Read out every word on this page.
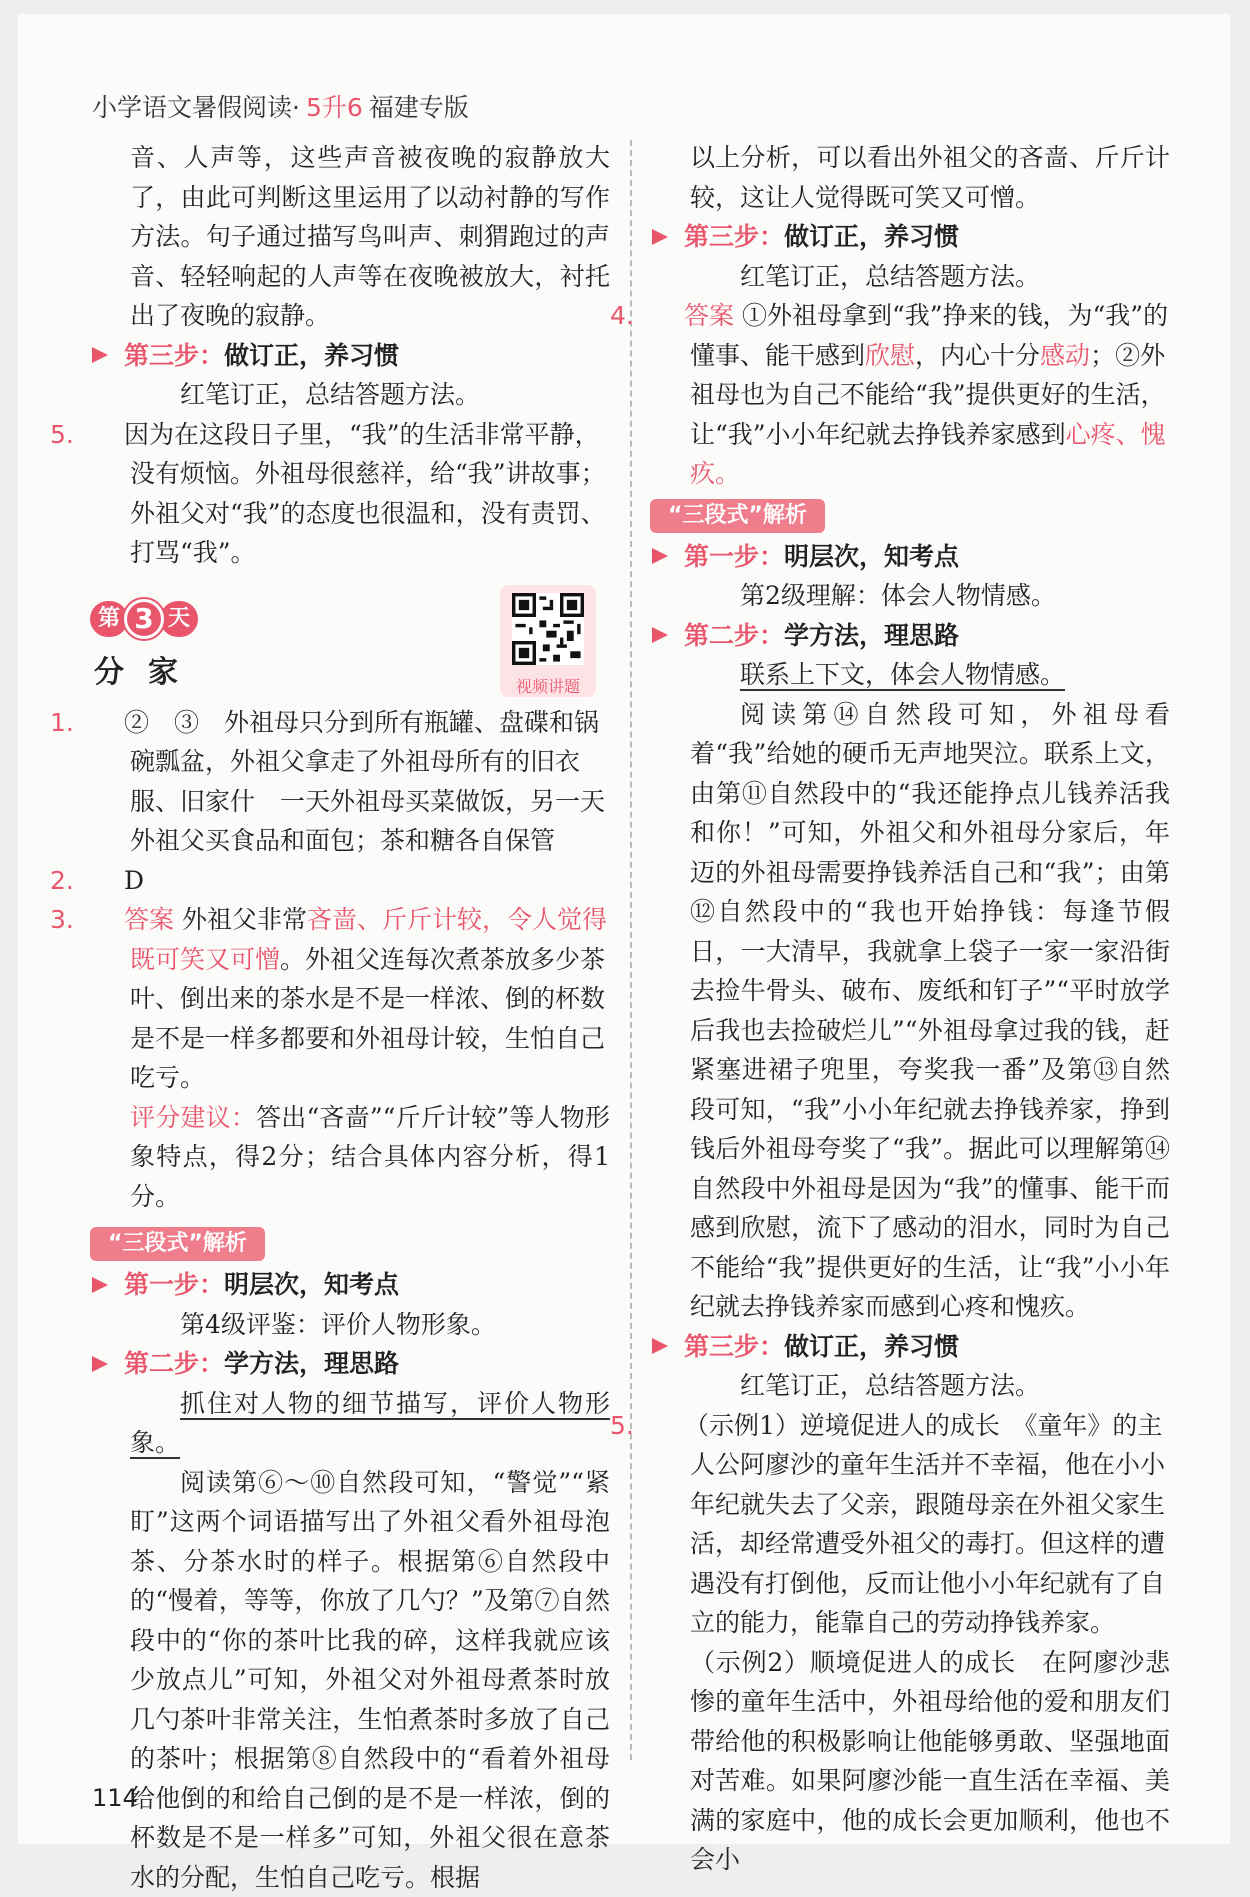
小学语文暑假阅读· 5升6 福建专版

音、人声等，这些声音被夜晚的寂静放大了，由此可判断这里运用了以动衬静的写作方法。句子通过描写鸟叫声、刺猬跑过的声音、轻轻响起的人声等在夜晚被放大，衬托出了夜晚的寂静。

第三步： 做订正，养习惯

红笔订正，总结答题方法。

5. 因为在这段日子里，“我”的生活非常平静，没有烦恼。外祖母很慈祥，给“我”讲故事；外祖父对“我”的态度也很温和，没有责罚、打骂“我”。

第 3 天
分家	视频讲题

1. ②　③　外祖母只分到所有瓶罐、盘碟和锅碗瓢盆，外祖父拿走了外祖母所有的旧衣服、旧家什　一天外祖母买菜做饭，另一天外祖父买食品和面包；茶和糖各自保管

2. D

3. 答案 外祖父非常吝啬、斤斤计较，令人觉得既可笑又可憎。外祖父连每次煮茶放多少茶叶、倒出来的茶水是不是一样浓、倒的杯数是不是一样多都要和外祖母计较，生怕自己吃亏。

评分建议：答出“吝啬”“斤斤计较”等人物形象特点，得2分；结合具体内容分析，得1分。

“三段式”解析
第一步： 明层次，知考点

第4级评鉴：评价人物形象。

第二步： 学方法，理思路

抓住对人物的细节描写，评价人物形象。

阅读第⑥～⑩自然段可知，“警觉”“紧盯”这两个词语描写出了外祖父看外祖母泡茶、分茶水时的样子。根据第⑥自然段中的“慢着，等等，你放了几勺？”及第⑦自然段中的“你的茶叶比我的碎，这样我就应该少放点儿”可知，外祖父对外祖母煮茶时放几勺茶叶非常关注，生怕煮茶时多放了自己的茶叶；根据第⑧自然段中的“看着外祖母给他倒的和给自己倒的是不是一样浓，倒的杯数是不是一样多”可知，外祖父很在意茶水的分配，生怕自己吃亏。根据

以上分析，可以看出外祖父的吝啬、斤斤计较，这让人觉得既可笑又可憎。

第三步： 做订正，养习惯

红笔订正，总结答题方法。

4. 答案 ①外祖母拿到“我”挣来的钱，为“我”的懂事、能干感到欣慰，内心十分感动；②外祖母也为自己不能给“我”提供更好的生活，让“我”小小年纪就去挣钱养家感到心疼、愧疚。

“三段式”解析
第一步： 明层次，知考点

第2级理解：体会人物情感。

第二步： 学方法，理思路

联系上下文，体会人物情感。

阅读第⑭自然段可知，外祖母看着“我”给她的硬币无声地哭泣。联系上文，由第⑪自然段中的“我还能挣点儿钱养活我和你！”可知，外祖父和外祖母分家后，年迈的外祖母需要挣钱养活自己和“我”；由第⑫自然段中的“我也开始挣钱：每逢节假日，一大清早，我就拿上袋子一家一家沿街去捡牛骨头、破布、废纸和钉子”“平时放学后我也去捡破烂儿”“外祖母拿过我的钱，赶紧塞进裙子兜里，夸奖我一番”及第⑬自然段可知，“我”小小年纪就去挣钱养家，挣到钱后外祖母夸奖了“我”。据此可以理解第⑭自然段中外祖母是因为“我”的懂事、能干而感到欣慰，流下了感动的泪水，同时为自己不能给“我”提供更好的生活，让“我”小小年纪就去挣钱养家而感到心疼和愧疚。

第三步： 做订正，养习惯

红笔订正，总结答题方法。

5. （示例1）逆境促进人的成长　《童年》的主人公阿廖沙的童年生活并不幸福，他在小小年纪就失去了父亲，跟随母亲在外祖父家生活，却经常遭受外祖父的毒打。但这样的遭遇没有打倒他，反而让他小小年纪就有了自立的能力，能靠自己的劳动挣钱养家。

（示例2）顺境促进人的成长　在阿廖沙悲惨的童年生活中，外祖母给他的爱和朋友们带给他的积极影响让他能够勇敢、坚强地面对苦难。如果阿廖沙能一直生活在幸福、美满的家庭中，他的成长会更加顺利，他也不会小

114
